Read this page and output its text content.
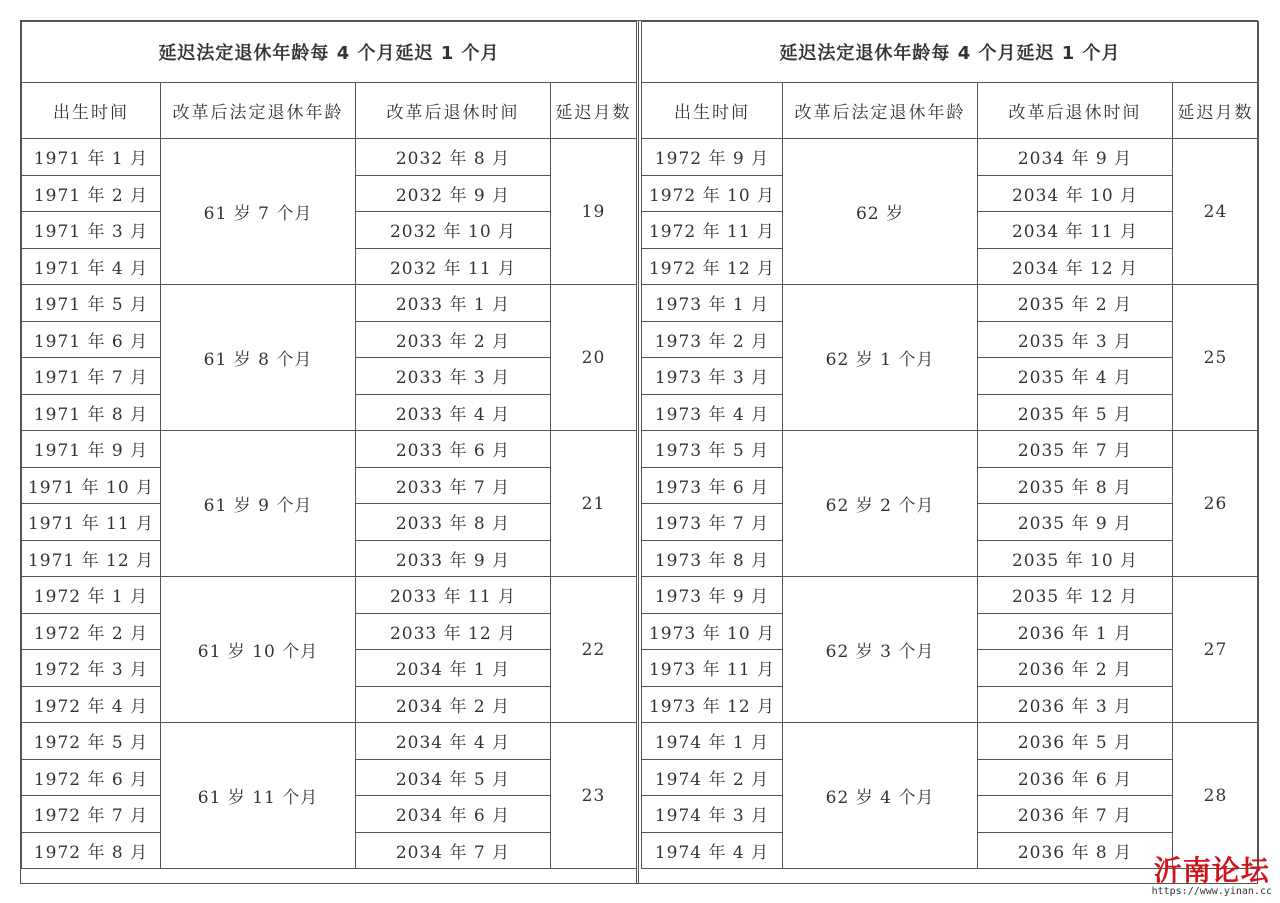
延迟法定退休年龄每 4 个月延迟 1 个月			
出生时间	改革后法定退休年龄	改革后退休时间	延迟月数
1971 年 1 月	61 岁 7 个月	2032 年 8 月	19
1971 年 2 月		2032 年 9 月	
1971 年 3 月		2032 年 10 月	
1971 年 4 月		2032 年 11 月	
1971 年 5 月	61 岁 8 个月	2033 年 1 月	20
1971 年 6 月		2033 年 2 月	
1971 年 7 月		2033 年 3 月	
1971 年 8 月		2033 年 4 月	
1971 年 9 月	61 岁 9 个月	2033 年 6 月	21
1971 年 10 月		2033 年 7 月	
1971 年 11 月		2033 年 8 月	
1971 年 12 月		2033 年 9 月	
1972 年 1 月	61 岁 10 个月	2033 年 11 月	22
1972 年 2 月		2033 年 12 月	
1972 年 3 月		2034 年 1 月	
1972 年 4 月		2034 年 2 月	
1972 年 5 月	61 岁 11 个月	2034 年 4 月	23
1972 年 6 月		2034 年 5 月	
1972 年 7 月		2034 年 6 月	
1972 年 8 月		2034 年 7 月	
延迟法定退休年龄每 4 个月延迟 1 个月			
出生时间	改革后法定退休年龄	改革后退休时间	延迟月数
1972 年 9 月	62 岁	2034 年 9 月	24
1972 年 10 月		2034 年 10 月	
1972 年 11 月		2034 年 11 月	
1972 年 12 月		2034 年 12 月	
1973 年 1 月	62 岁 1 个月	2035 年 2 月	25
1973 年 2 月		2035 年 3 月	
1973 年 3 月		2035 年 4 月	
1973 年 4 月		2035 年 5 月	
1973 年 5 月	62 岁 2 个月	2035 年 7 月	26
1973 年 6 月		2035 年 8 月	
1973 年 7 月		2035 年 9 月	
1973 年 8 月		2035 年 10 月	
1973 年 9 月	62 岁 3 个月	2035 年 12 月	27
1973 年 10 月		2036 年 1 月	
1973 年 11 月		2036 年 2 月	
1973 年 12 月		2036 年 3 月	
1974 年 1 月	62 岁 4 个月	2036 年 5 月	28
1974 年 2 月		2036 年 6 月	
1974 年 3 月		2036 年 7 月	
1974 年 4 月		2036 年 8 月	
沂南论坛
https://www.yinan.cc
